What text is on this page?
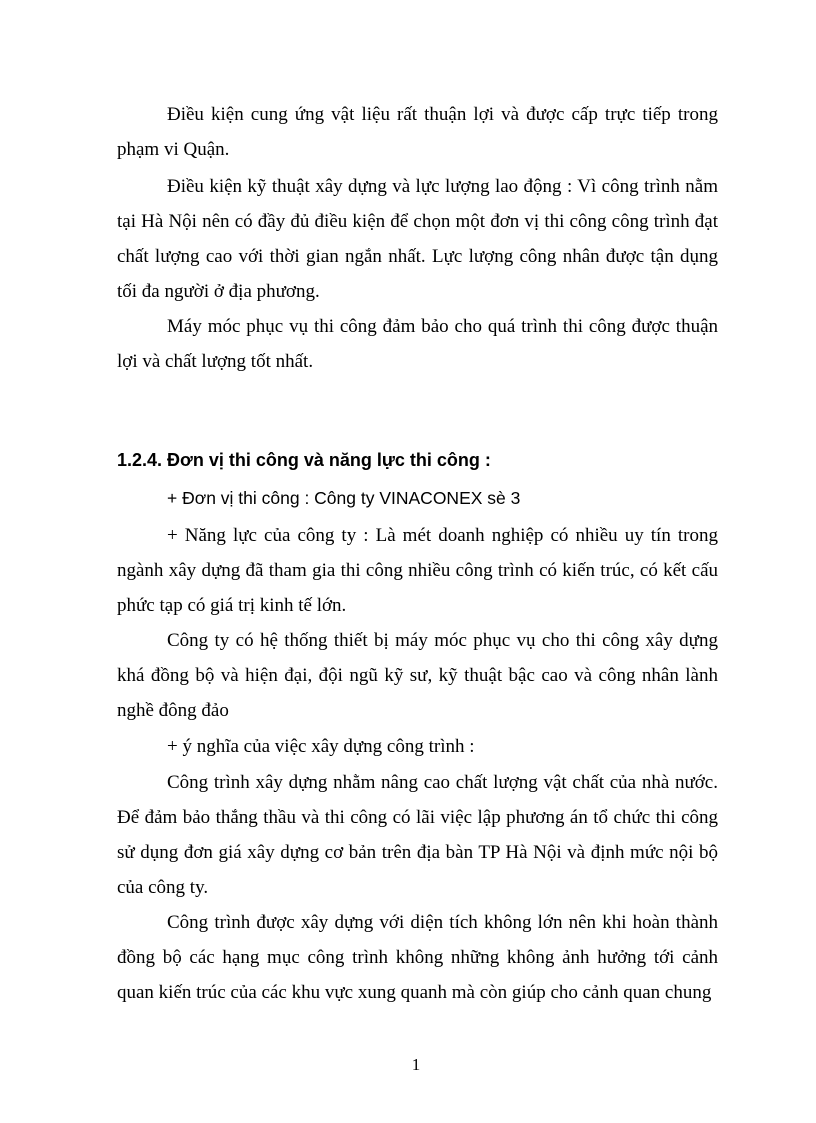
Điều kiện cung ứng vật liệu rất thuận lợi và được cấp trực tiếp trong phạm vi Quận.

Điều kiện kỹ thuật xây dựng và lực lượng lao động : Vì công trình nằm tại Hà Nội nên có đầy đủ điều kiện để chọn một đơn vị thi công công trình đạt chất lượng cao với thời gian ngắn nhất. Lực lượng công nhân được tận dụng tối đa người ở địa phương.

Máy móc phục vụ thi công đảm bảo cho quá trình thi công được thuận lợi và chất lượng tốt nhất.

1.2.4. Đơn vị thi công và năng lực thi công :

+ Đơn vị thi công : Công ty VINACONEX sè 3

+ Năng lực của công ty : Là mét doanh nghiệp có nhiều uy tín trong ngành xây dựng đã tham gia thi công nhiều công trình có kiến trúc, có kết cấu phức tạp có giá trị kinh tế lớn.

Công ty có hệ thống thiết bị máy móc phục vụ cho thi công xây dựng khá đồng bộ và hiện đại, đội ngũ kỹ sư, kỹ thuật bậc cao và công nhân lành nghề đông đảo

+ ý nghĩa của việc xây dựng công trình :

Công trình xây dựng nhằm nâng cao chất lượng vật chất của nhà nước. Để đảm bảo thắng thầu và thi công có lãi việc lập phương án tổ chức thi công sử dụng đơn giá xây dựng cơ bản trên địa bàn TP Hà Nội và định mức nội bộ của công ty.

Công trình được xây dựng với diện tích không lớn nên khi hoàn thành đồng bộ các hạng mục công trình không những không ảnh hưởng tới cảnh quan kiến trúc của các khu vực xung quanh mà còn giúp cho cảnh quan chung

1
